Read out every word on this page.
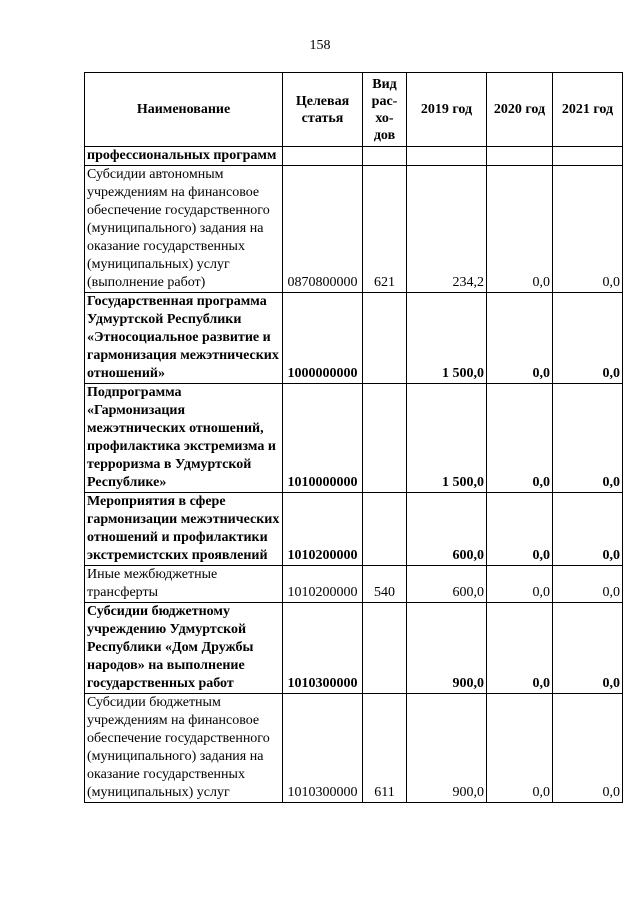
158
Наименование	Целевая статья	Вид рас- хо- дов	2019 год	2020 год	2021 год
профессиональных программ					
Субсидии автономным учреждениям на финансовое обеспечение государственного (муниципального) задания на оказание государственных (муниципальных) услуг (выполнение работ)	0870800000	621	234,2	0,0	0,0
Государственная программа Удмуртской Республики «Этносоциальное развитие и гармонизация межэтнических отношений»	1000000000		1 500,0	0,0	0,0
Подпрограмма «Гармонизация межэтнических отношений, профилактика экстремизма и терроризма в Удмуртской Республике»	1010000000		1 500,0	0,0	0,0
Мероприятия в сфере гармонизации межэтнических отношений и профилактики экстремистских проявлений	1010200000		600,0	0,0	0,0
Иные межбюджетные трансферты	1010200000	540	600,0	0,0	0,0
Субсидии бюджетному учреждению Удмуртской Республики «Дом Дружбы народов» на выполнение государственных работ	1010300000		900,0	0,0	0,0
Субсидии бюджетным учреждениям на финансовое обеспечение государственного (муниципального) задания на оказание государственных (муниципальных) услуг	1010300000	611	900,0	0,0	0,0
